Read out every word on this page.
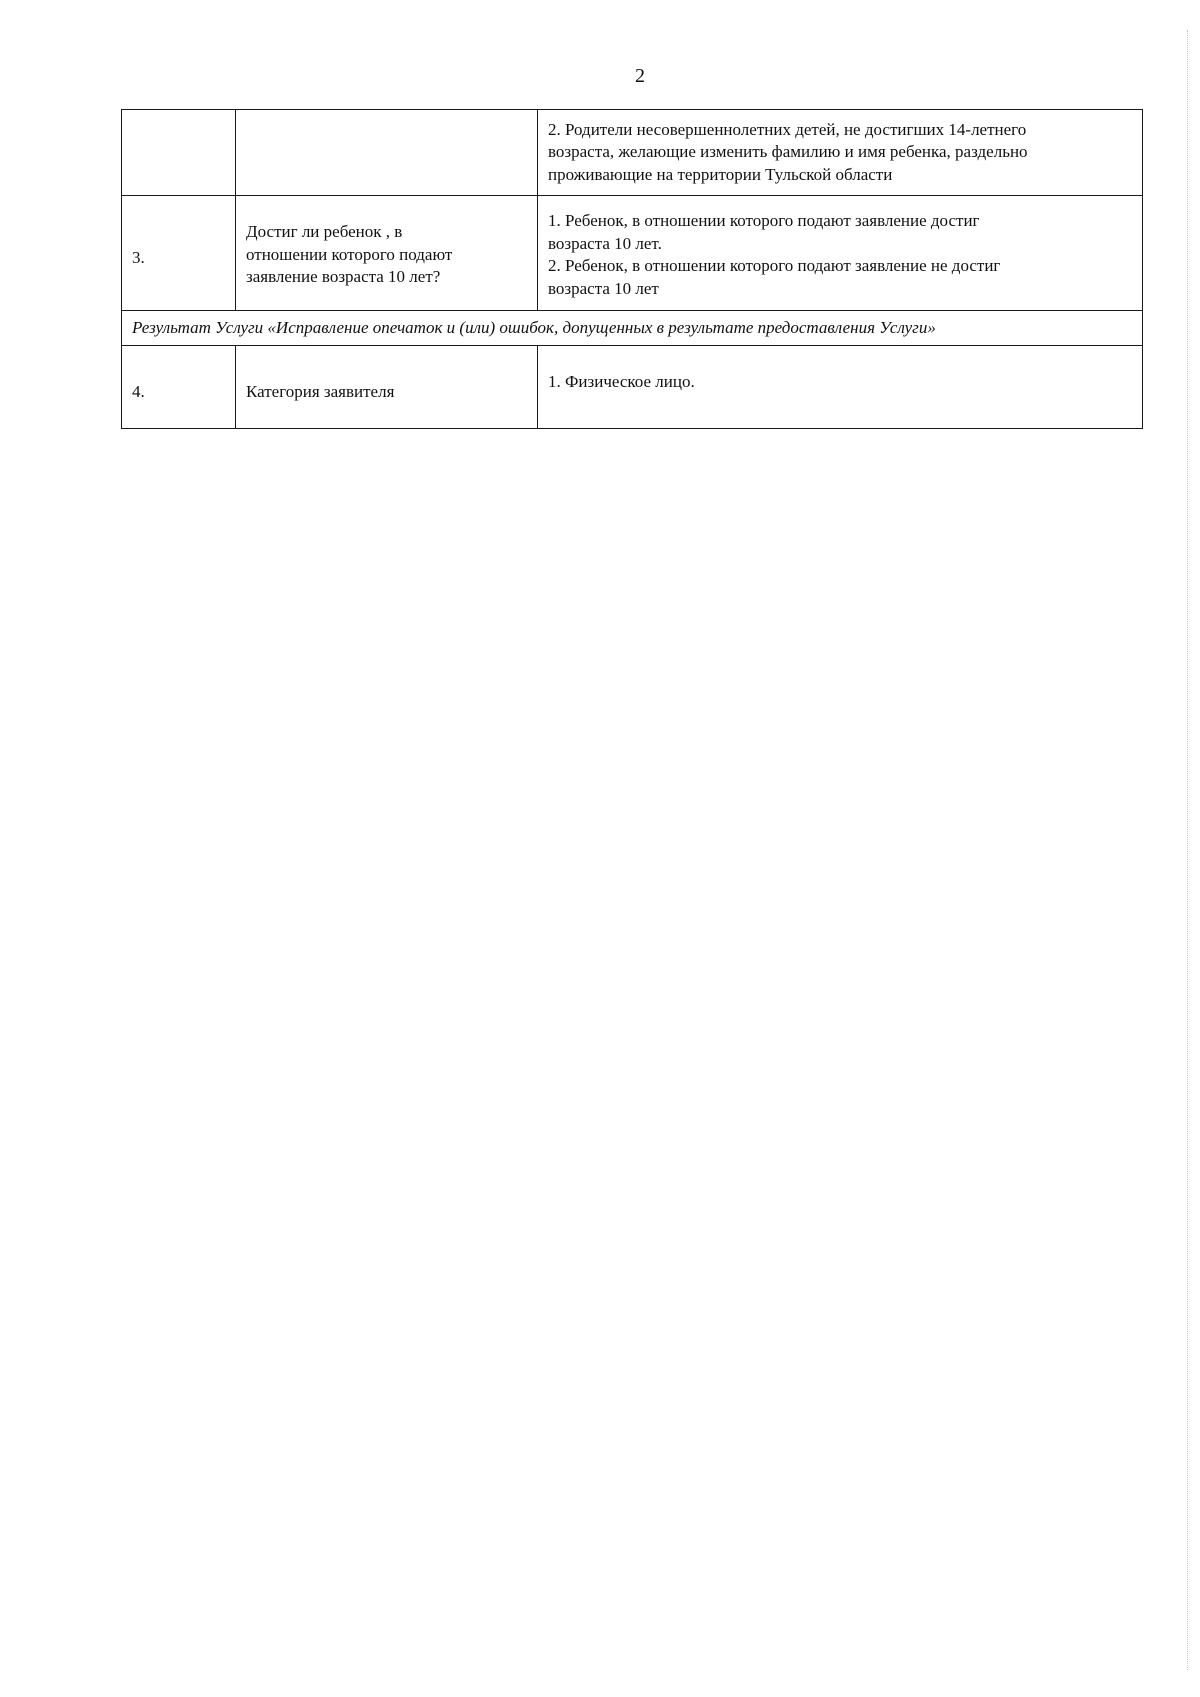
2

		2. Родители несовершеннолетних детей, не достигших 14-летнего
возраста, желающие изменить фамилию и имя ребенка, раздельно
проживающие на территории Тульской области

3.	Достиг ли ребенок , в
отношении которого подают
заявление возраста 10 лет?	1. Ребенок, в отношении которого подают заявление достиг
возраста 10 лет.
2. Ребенок, в отношении которого подают заявление не достиг
возраста 10 лет

Результат Услуги «Исправление опечаток и (или) ошибок, допущенных в результате предоставления Услуги»		
4.	Категория заявителя	1. Физическое лицо.
